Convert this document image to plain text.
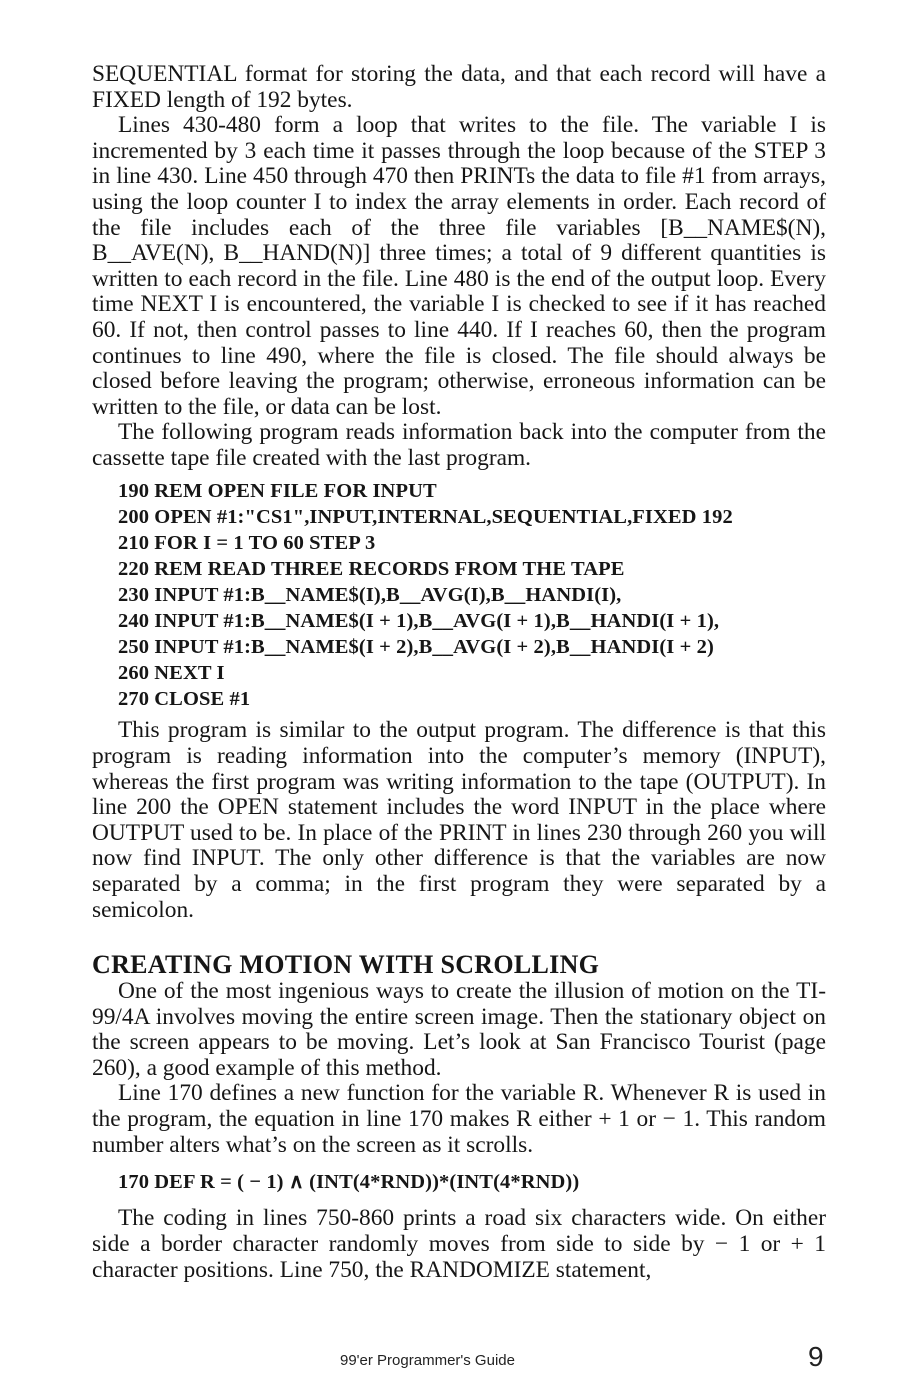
SEQUENTIAL format for storing the data, and that each record will have a FIXED length of 192 bytes.

Lines 430-480 form a loop that writes to the file. The variable I is incremented by 3 each time it passes through the loop because of the STEP 3 in line 430. Line 450 through 470 then PRINTs the data to file #1 from arrays, using the loop counter I to index the array elements in order. Each record of the file includes each of the three file variables [B__NAME$(N), B__AVE(N), B__HAND(N)] three times; a total of 9 different quantities is written to each record in the file. Line 480 is the end of the output loop. Every time NEXT I is encountered, the variable I is checked to see if it has reached 60. If not, then control passes to line 440. If I reaches 60, then the program continues to line 490, where the file is closed. The file should always be closed before leaving the program; otherwise, erroneous information can be written to the file, or data can be lost.

The following program reads information back into the computer from the cassette tape file created with the last program.

190 REM OPEN FILE FOR INPUT
200 OPEN #1:"CS1",INPUT,INTERNAL,SEQUENTIAL,FIXED 192
210 FOR I = 1 TO 60 STEP 3
220 REM READ THREE RECORDS FROM THE TAPE
230 INPUT #1:B__NAME$(I),B__AVG(I),B__HANDI(I),
240 INPUT #1:B__NAME$(I + 1),B__AVG(I + 1),B__HANDI(I + 1),
250 INPUT #1:B__NAME$(I + 2),B__AVG(I + 2),B__HANDI(I + 2)
260 NEXT I
270 CLOSE #1

This program is similar to the output program. The difference is that this program is reading information into the computer’s memory (INPUT), whereas the first program was writing information to the tape (OUTPUT). In line 200 the OPEN statement includes the word INPUT in the place where OUTPUT used to be. In place of the PRINT in lines 230 through 260 you will now find INPUT. The only other difference is that the variables are now separated by a comma; in the first program they were separated by a semicolon.

CREATING MOTION WITH SCROLLING

One of the most ingenious ways to create the illusion of motion on the TI-99/4A involves moving the entire screen image. Then the stationary object on the screen appears to be moving. Let’s look at San Francisco Tourist (page 260), a good example of this method.

Line 170 defines a new function for the variable R. Whenever R is used in the program, the equation in line 170 makes R either + 1 or − 1. This random number alters what’s on the screen as it scrolls.

170 DEF R = ( − 1) ∧ (INT(4*RND))*(INT(4*RND))

The coding in lines 750-860 prints a road six characters wide. On either side a border character randomly moves from side to side by − 1 or + 1 character positions. Line 750, the RANDOMIZE statement,

99'er Programmer's Guide	9
